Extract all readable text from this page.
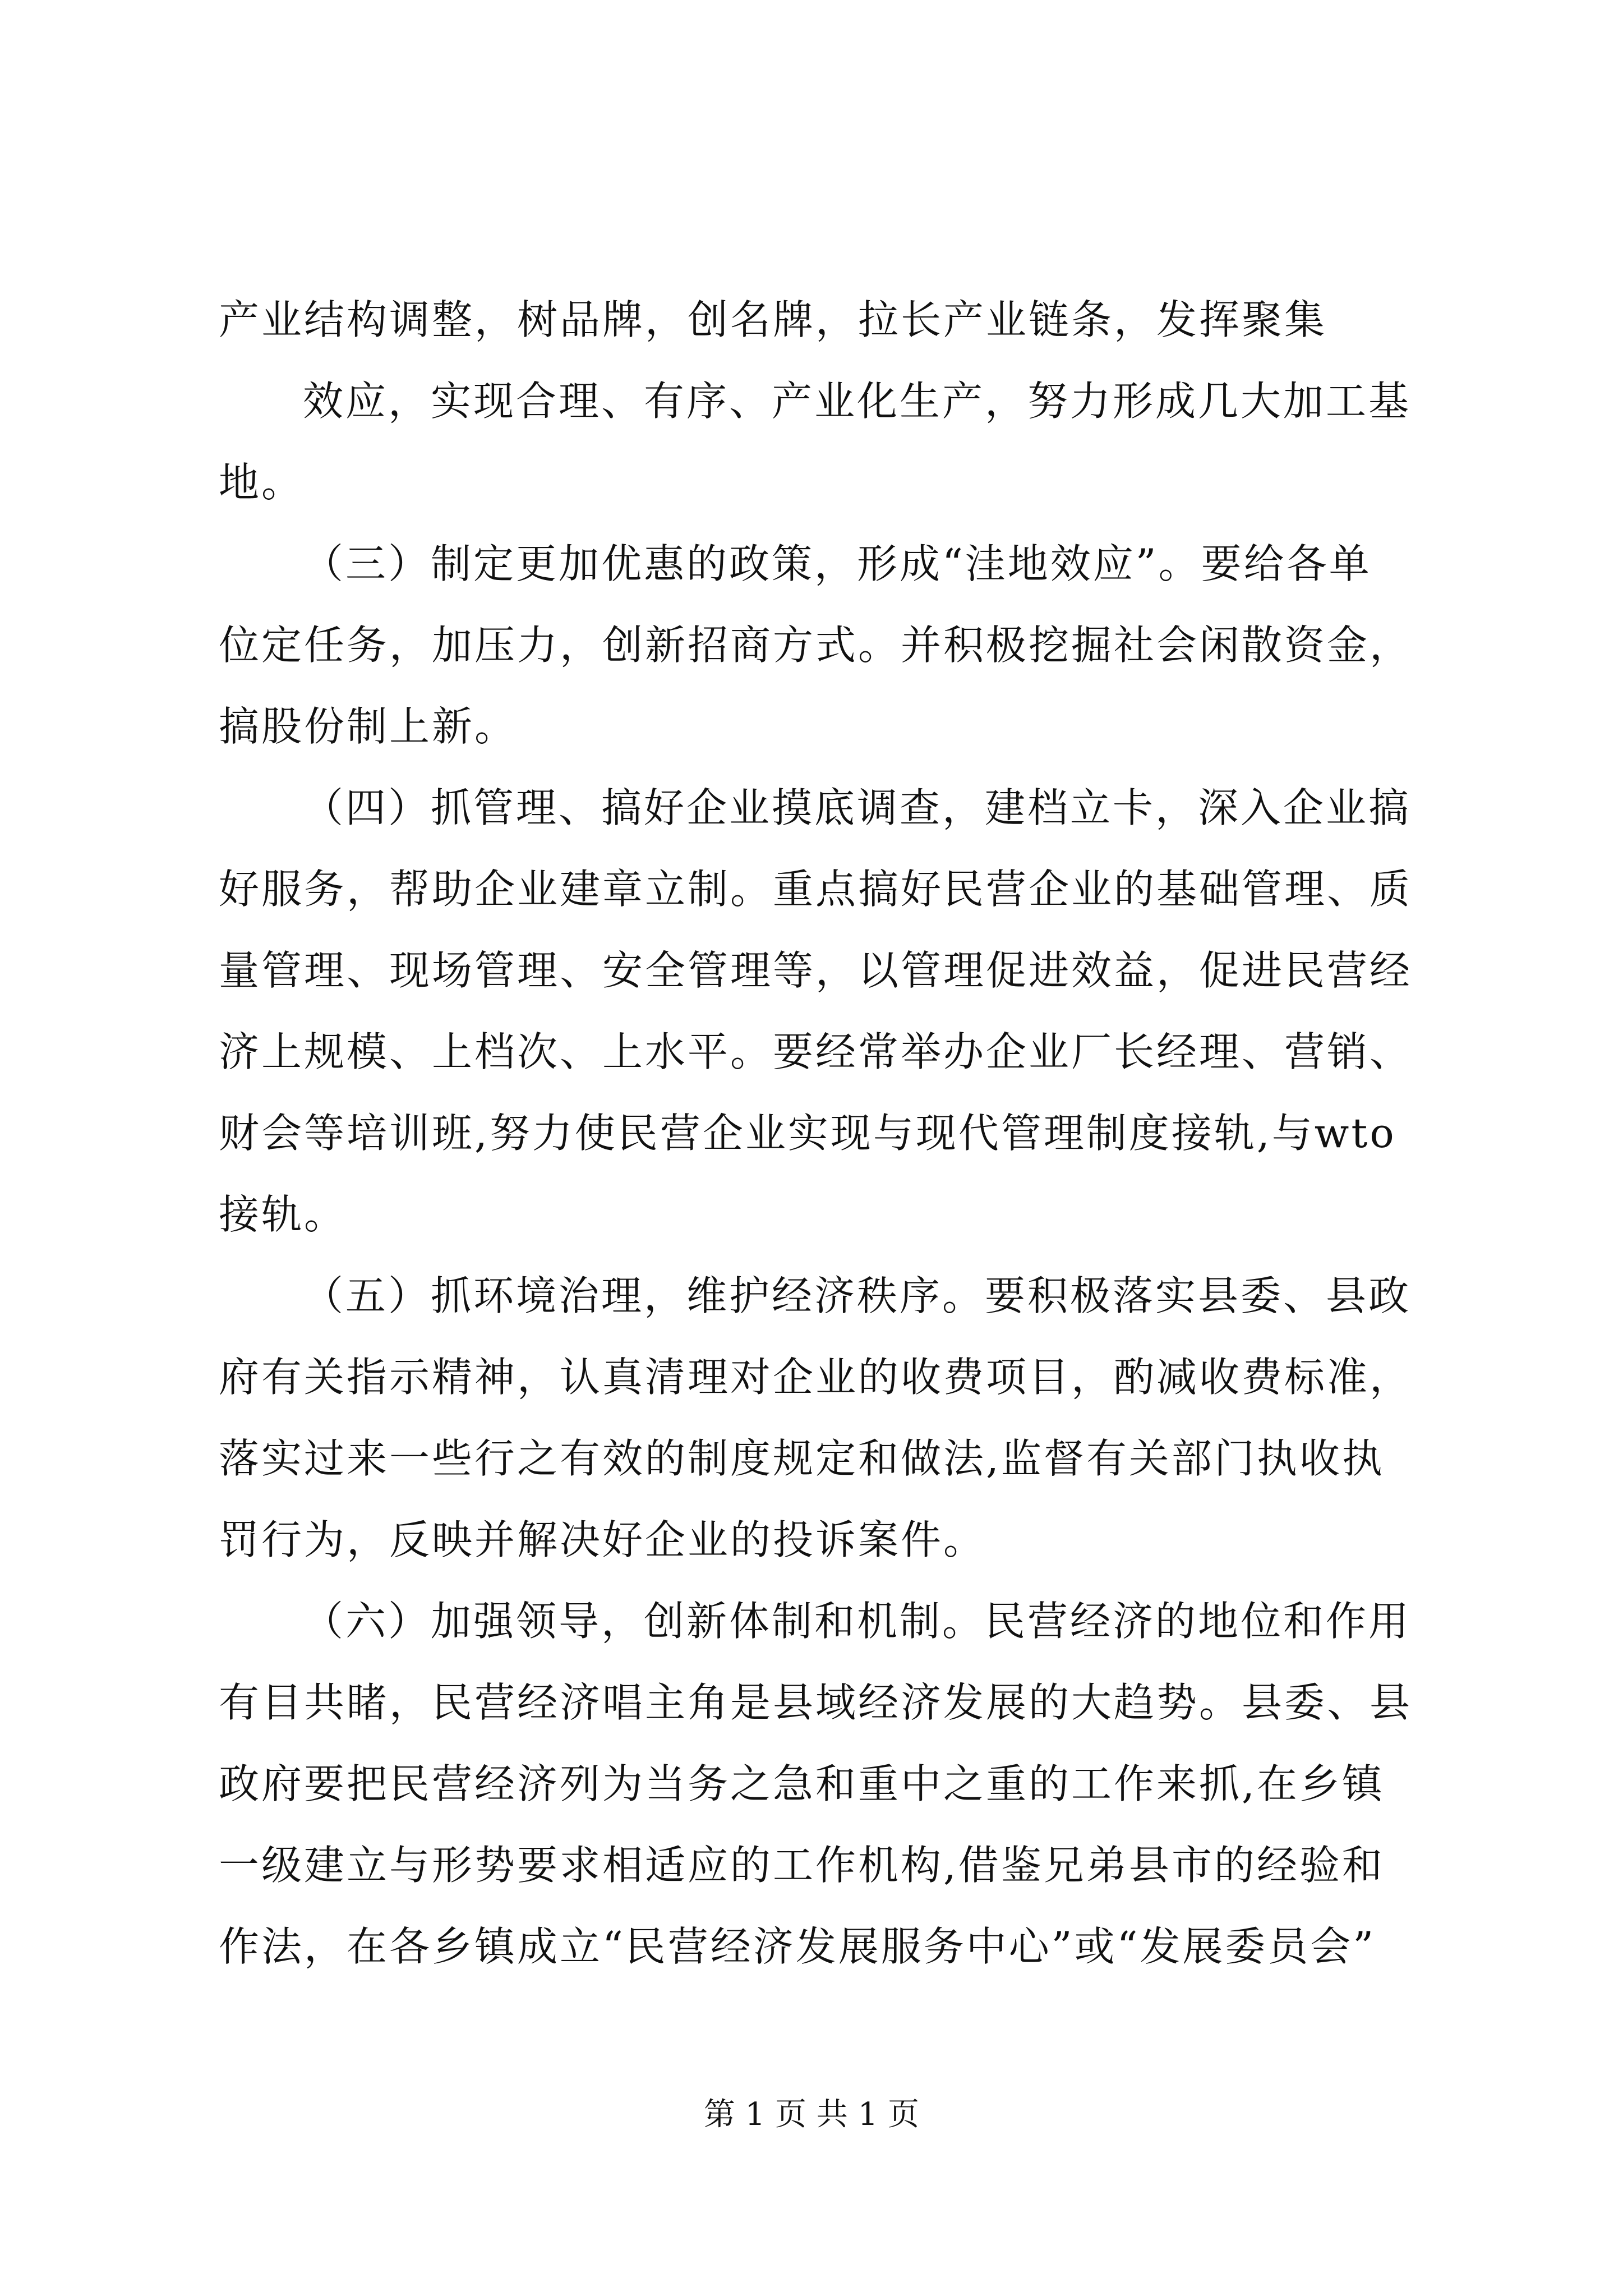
产业结构调整，树品牌，创名牌，拉长产业链条，发挥聚集
效应，实现合理、有序、产业化生产，努力形成几大加工基
地。
（三）制定更加优惠的政策，形成“洼地效应”。要给各单
位定任务，加压力，创新招商方式。并积极挖掘社会闲散资金，
搞股份制上新。
（四）抓管理、搞好企业摸底调查，建档立卡，深入企业搞
好服务，帮助企业建章立制。重点搞好民营企业的基础管理、质
量管理、现场管理、安全管理等，以管理促进效益，促进民营经
济上规模、上档次、上水平。要经常举办企业厂长经理、营销、
财会等培训班,努力使民营企业实现与现代管理制度接轨,与wto
接轨。
（五）抓环境治理，维护经济秩序。要积极落实县委、县政
府有关指示精神，认真清理对企业的收费项目，酌减收费标准，
落实过来一些行之有效的制度规定和做法,监督有关部门执收执
罚行为，反映并解决好企业的投诉案件。
（六）加强领导，创新体制和机制。民营经济的地位和作用
有目共睹，民营经济唱主角是县域经济发展的大趋势。县委、县
政府要把民营经济列为当务之急和重中之重的工作来抓,在乡镇
一级建立与形势要求相适应的工作机构,借鉴兄弟县市的经验和
作法，在各乡镇成立“民营经济发展服务中心”或“发展委员会”
第 1 页 共 1 页
